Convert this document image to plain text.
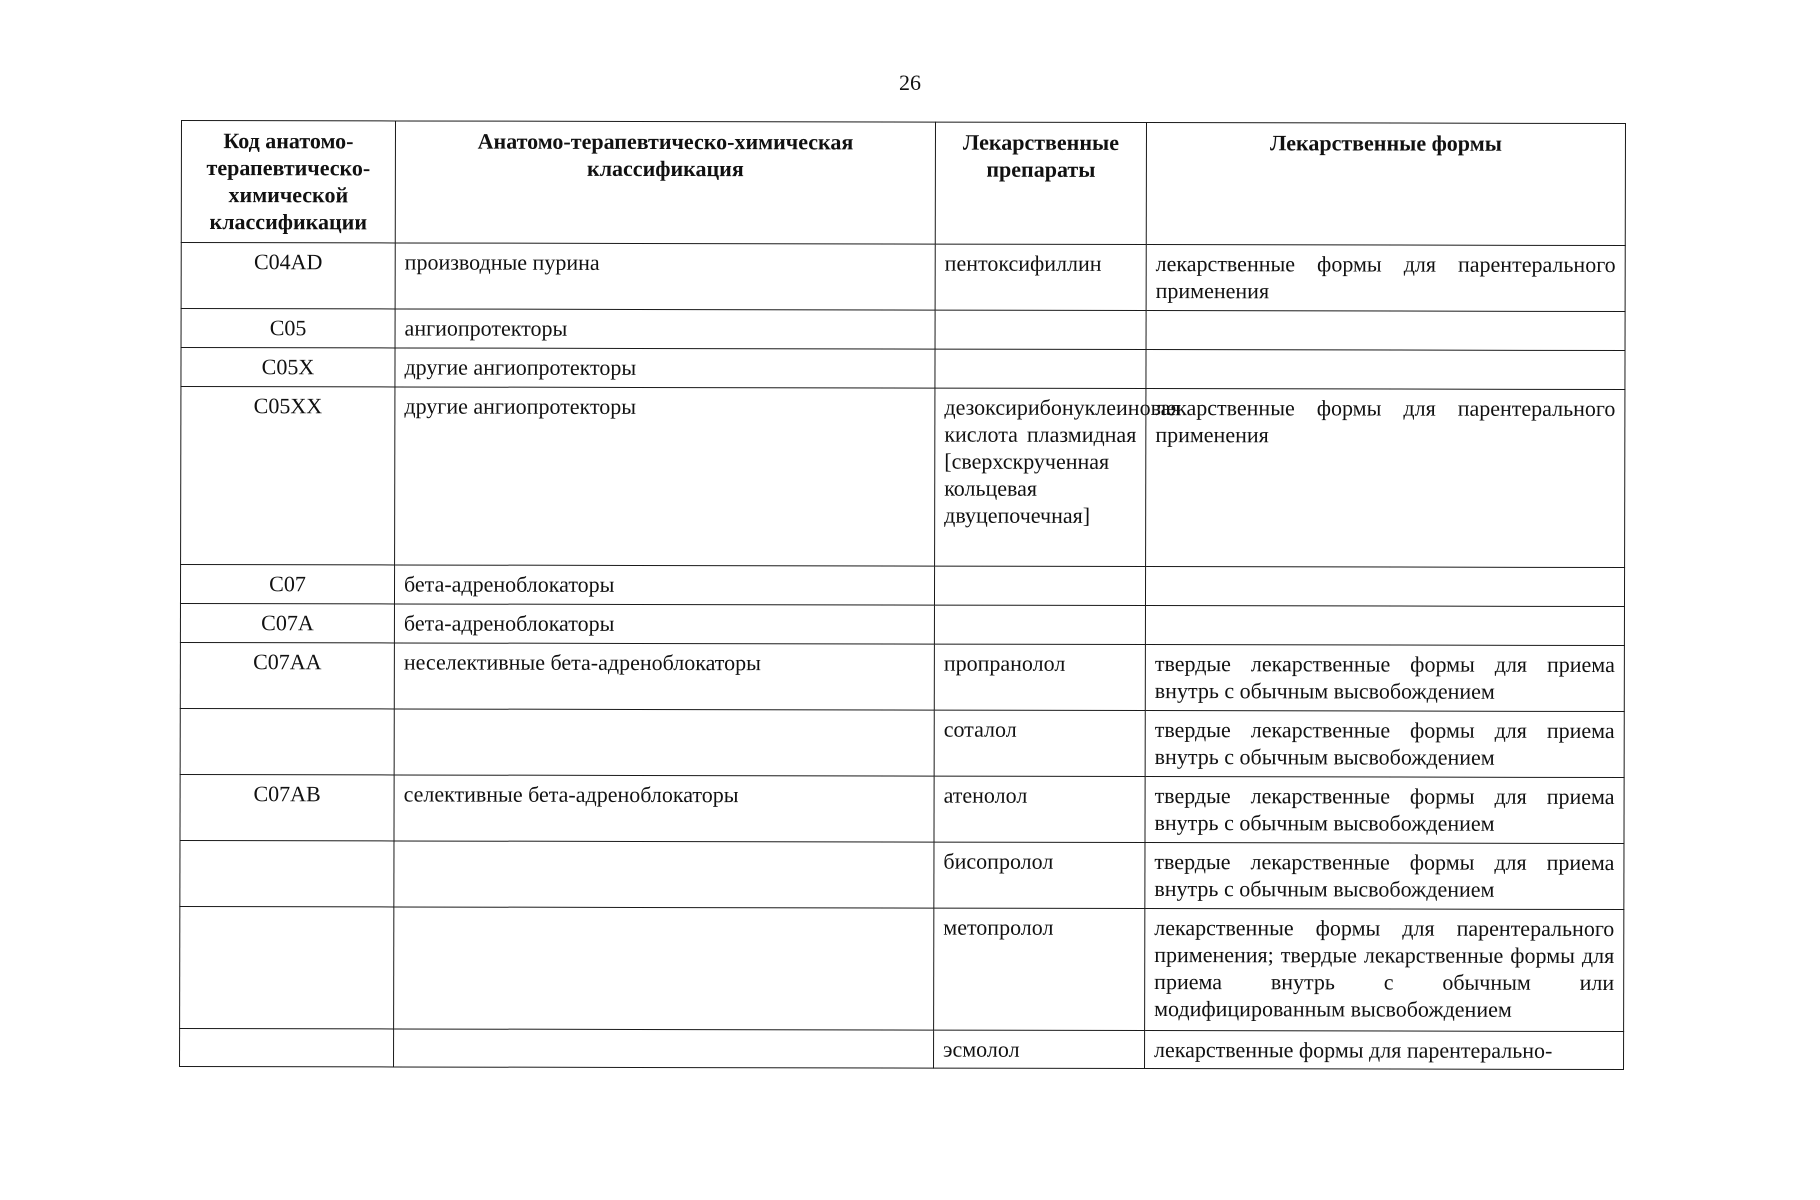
26
Код анатомо-терапевтическо-химической классификации	Анатомо-терапевтическо-химическая классификация	Лекарственные препараты	Лекарственные формы
C04AD	производные пурина	пентоксифиллин	лекарственные формы для парентерального применения
C05	ангиопротекторы		
C05X	другие ангиопротекторы		
C05XX	другие ангиопротекторы	дезоксирибонуклеиновая кислота плазмидная [сверхскрученная кольцевая двуцепочечная]	лекарственные формы для парентерального применения
C07	бета-адреноблокаторы		
C07A	бета-адреноблокаторы		
C07AA	неселективные бета-адреноблокаторы	пропранолол	твердые лекарственные формы для приема внутрь с обычным высвобождением
		соталол	твердые лекарственные формы для приема внутрь с обычным высвобождением
C07AB	селективные бета-адреноблокаторы	атенолол	твердые лекарственные формы для приема внутрь с обычным высвобождением
		бисопролол	твердые лекарственные формы для приема внутрь с обычным высвобождением
		метопролол	лекарственные формы для парентерального применения; твердые лекарственные формы для приема внутрь с обычным или модифицированным высвобождением
		эсмолол	лекарственные формы для парентерально-
